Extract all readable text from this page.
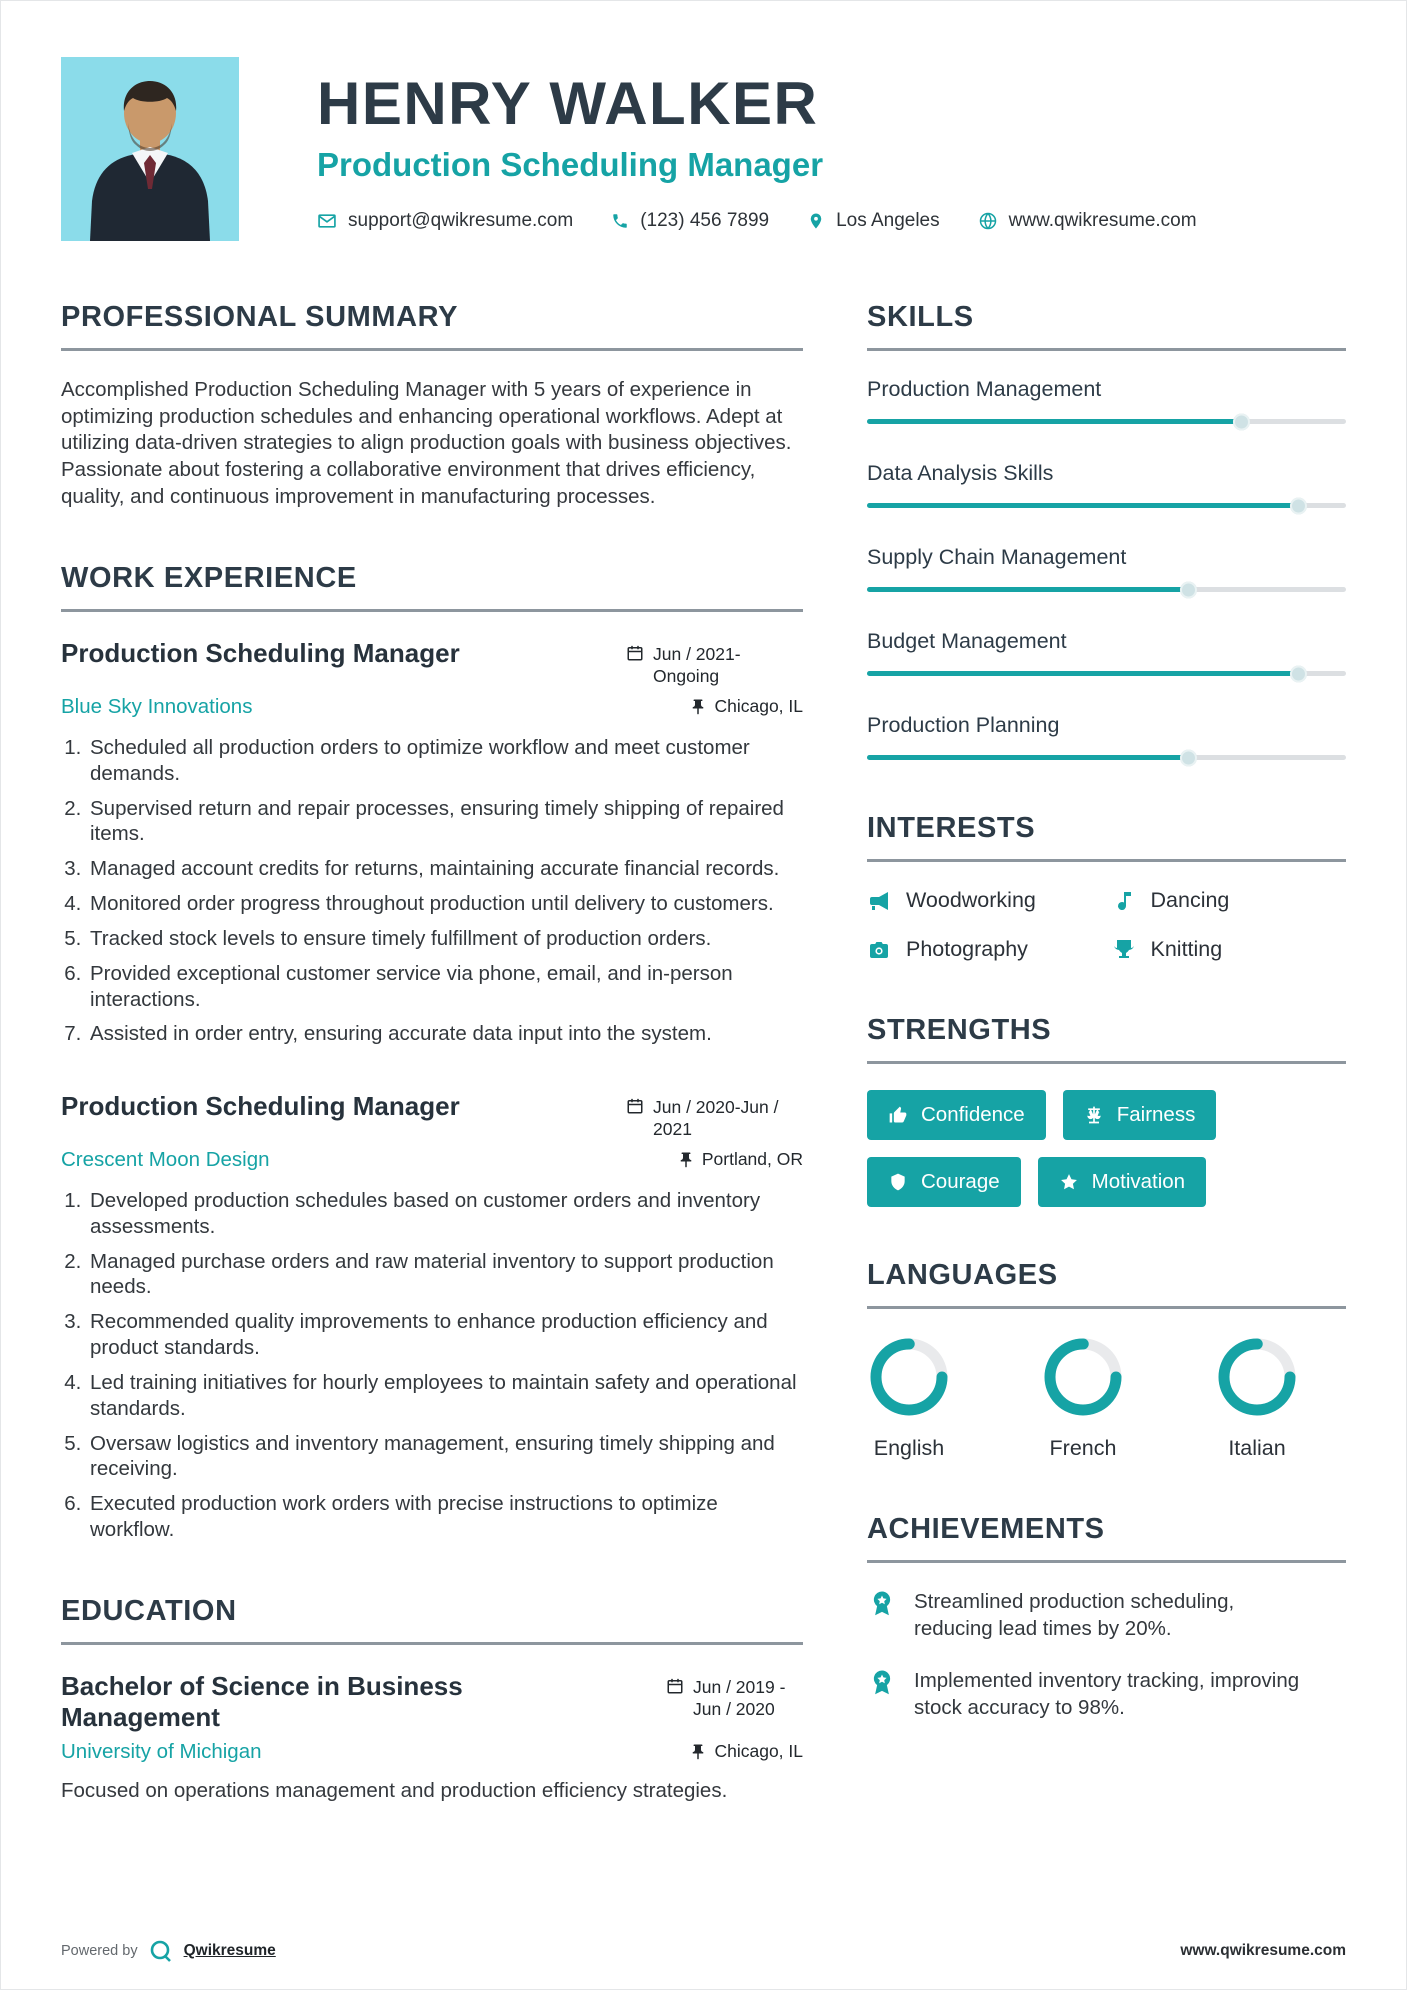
HENRY WALKER
Production Scheduling Manager
support@qwikresume.com	(123) 456 7899	Los Angeles	www.qwikresume.com
PROFESSIONAL SUMMARY

Accomplished Production Scheduling Manager with 5 years of experience in optimizing production schedules and enhancing operational workflows. Adept at utilizing data-driven strategies to align production goals with business objectives. Passionate about fostering a collaborative environment that drives efficiency, quality, and continuous improvement in manufacturing processes.

WORK EXPERIENCE
Production Scheduling Manager	Jun / 2021-Ongoing
Blue Sky Innovations	Chicago, IL
1. Scheduled all production orders to optimize workflow and meet customer demands.
2. Supervised return and repair processes, ensuring timely shipping of repaired items.
3. Managed account credits for returns, maintaining accurate financial records.
4. Monitored order progress throughout production until delivery to customers.
5. Tracked stock levels to ensure timely fulfillment of production orders.
6. Provided exceptional customer service via phone, email, and in-person interactions.
7. Assisted in order entry, ensuring accurate data input into the system.
Production Scheduling Manager	Jun / 2020-Jun / 2021
Crescent Moon Design	Portland, OR
1. Developed production schedules based on customer orders and inventory assessments.
2. Managed purchase orders and raw material inventory to support production needs.
3. Recommended quality improvements to enhance production efficiency and product standards.
4. Led training initiatives for hourly employees to maintain safety and operational standards.
5. Oversaw logistics and inventory management, ensuring timely shipping and receiving.
6. Executed production work orders with precise instructions to optimize workflow.
EDUCATION
Bachelor of Science in Business Management
Jun / 2019 - Jun / 2020
University of Michigan	Chicago, IL

Focused on operations management and production efficiency strategies.

SKILLS
Production Management
Data Analysis Skills
Supply Chain Management
Budget Management
Production Planning
INTERESTS
Woodworking	Dancing
Photography	Knitting
STRENGTHS
Confidence	Fairness
Courage	Motivation
LANGUAGES
English	French	Italian
ACHIEVEMENTS
Streamlined production scheduling, reducing lead times by 20%.
Implemented inventory tracking, improving stock accuracy to 98%.
Powered by	Qwikresume	www.qwikresume.com
